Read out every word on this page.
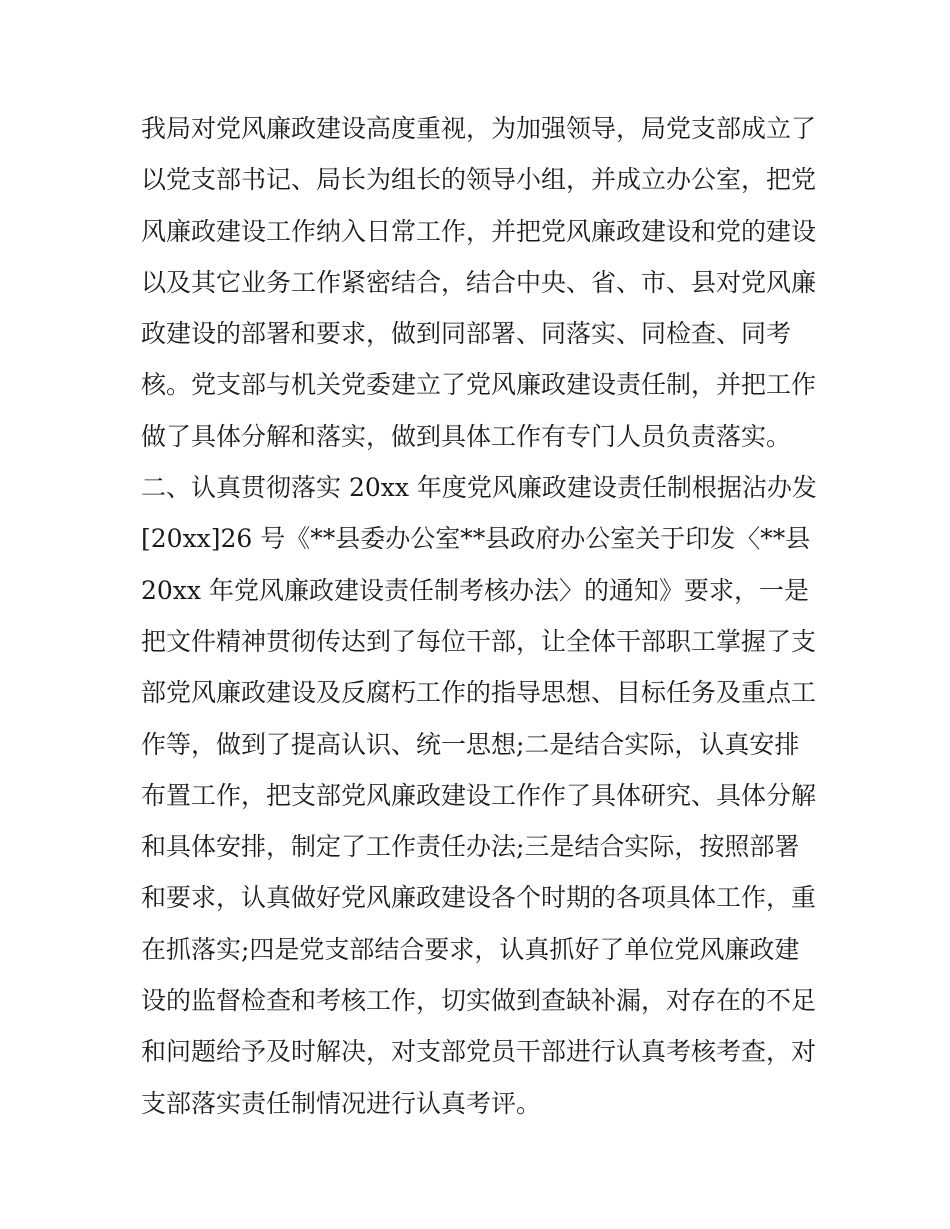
我局对党风廉政建设高度重视，为加强领导，局党支部成立了
以党支部书记、局长为组长的领导小组，并成立办公室，把党
风廉政建设工作纳入日常工作，并把党风廉政建设和党的建设
以及其它业务工作紧密结合，结合中央、省、市、县对党风廉
政建设的部署和要求，做到同部署、同落实、同检查、同考
核。党支部与机关党委建立了党风廉政建设责任制，并把工作
做了具体分解和落实，做到具体工作有专门人员负责落实。
二、认真贯彻落实 20xx 年度党风廉政建设责任制根据沾办发
[20xx]26 号《**县委办公室**县政府办公室关于印发〈**县
20xx 年党风廉政建设责任制考核办法〉的通知》要求，一是
把文件精神贯彻传达到了每位干部，让全体干部职工掌握了支
部党风廉政建设及反腐朽工作的指导思想、目标任务及重点工
作等，做到了提高认识、统一思想;二是结合实际，认真安排
布置工作，把支部党风廉政建设工作作了具体研究、具体分解
和具体安排，制定了工作责任办法;三是结合实际，按照部署
和要求，认真做好党风廉政建设各个时期的各项具体工作，重
在抓落实;四是党支部结合要求，认真抓好了单位党风廉政建
设的监督检查和考核工作，切实做到查缺补漏，对存在的不足
和问题给予及时解决，对支部党员干部进行认真考核考查，对
支部落实责任制情况进行认真考评。
